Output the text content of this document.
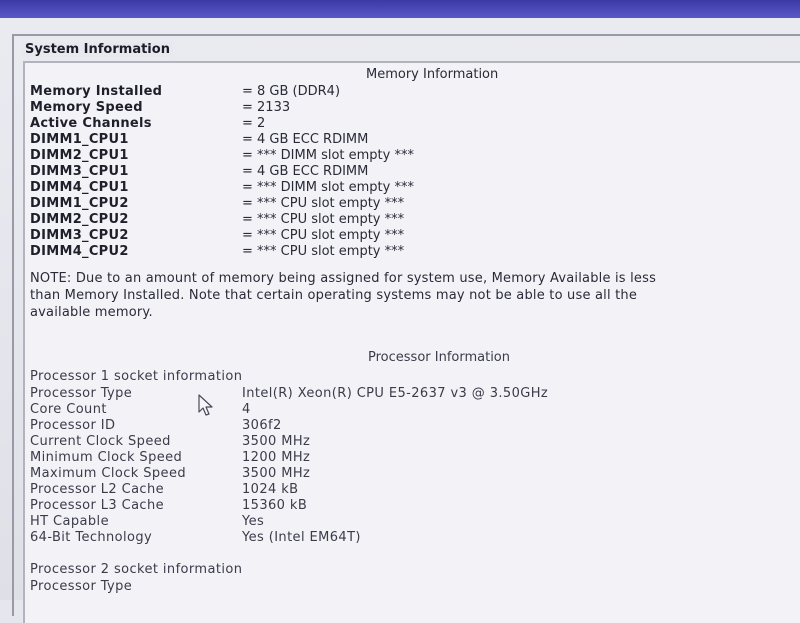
System Information
Memory Information
Memory Installed	= 8 GB (DDR4)
Memory Speed	= 2133
Active Channels	= 2
DIMM1_CPU1	= 4 GB ECC RDIMM
DIMM2_CPU1	= *** DIMM slot empty ***
DIMM3_CPU1	= 4 GB ECC RDIMM
DIMM4_CPU1	= *** DIMM slot empty ***
DIMM1_CPU2	= *** CPU slot empty ***
DIMM2_CPU2	= *** CPU slot empty ***
DIMM3_CPU2	= *** CPU slot empty ***
DIMM4_CPU2	= *** CPU slot empty ***
NOTE: Due to an amount of memory being assigned for system use, Memory Available is less
than Memory Installed. Note that certain operating systems may not be able to use all the
available memory.
Processor Information
Processor 1 socket information
Processor Type	Intel(R) Xeon(R) CPU E5-2637 v3 @ 3.50GHz
Core Count	4
Processor ID	306f2
Current Clock Speed	3500 MHz
Minimum Clock Speed	1200 MHz
Maximum Clock Speed	3500 MHz
Processor L2 Cache	1024 kB
Processor L3 Cache	15360 kB
HT Capable	Yes
64-Bit Technology	Yes (Intel EM64T)
Processor 2 socket information
Processor Type
